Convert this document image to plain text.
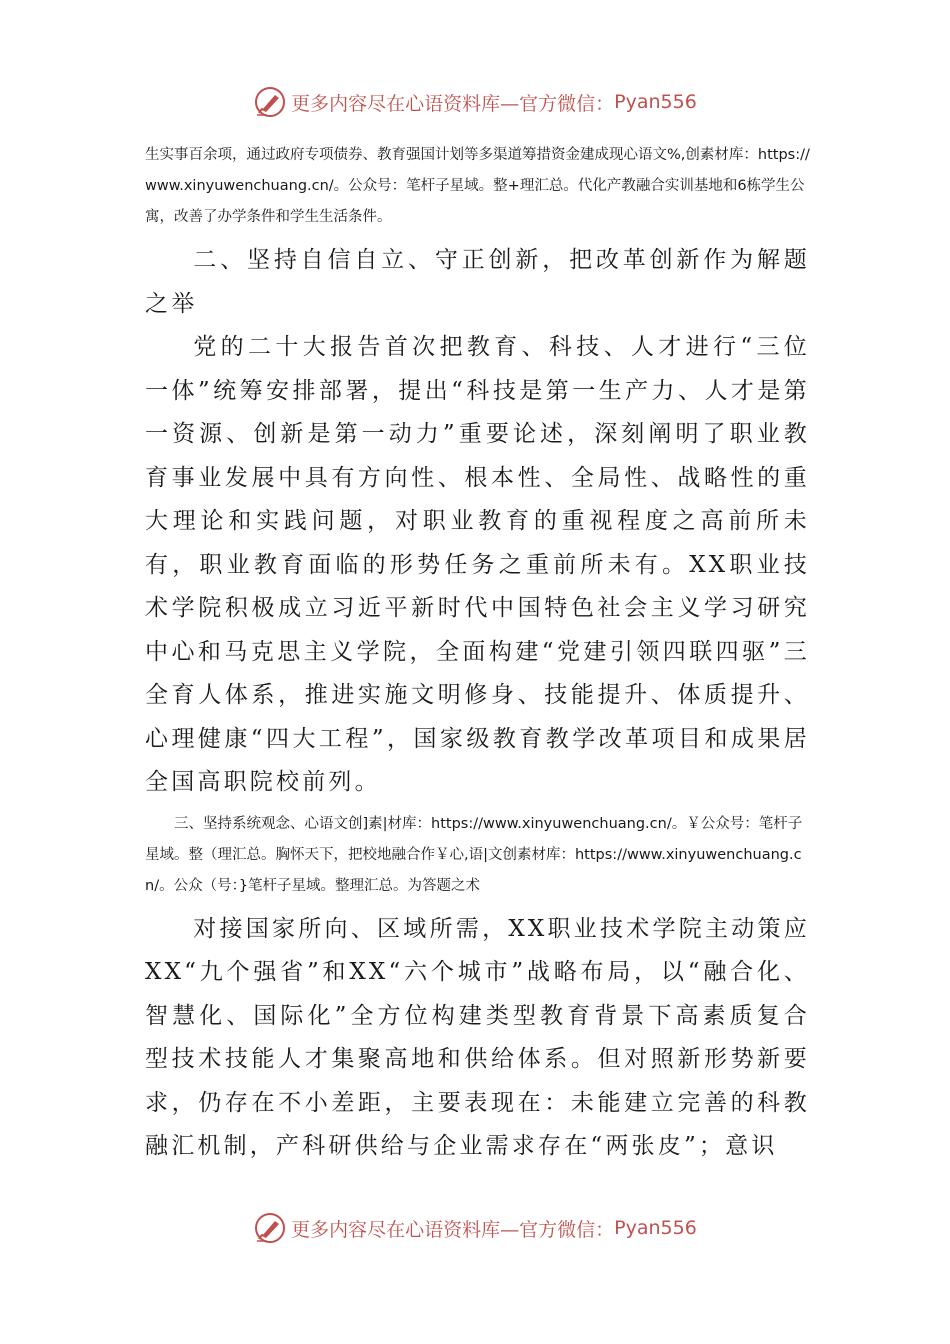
更多内容尽在心语资料库—官方微信： Pyan556

生实事百余项，通过政府专项债券、教育强国计划等多渠道筹措资金建成现心语文%,创素材库：https://www.xinyuwenchuang.cn/。公众号：笔杆子星域。整+理汇总。代化产教融合实训基地和6栋学生公寓，改善了办学条件和学生生活条件。

二、坚持自信自立、守正创新，把改革创新作为解题之举

党的二十大报告首次把教育、科技、人才进行“三位一体”统筹安排部署，提出“科技是第一生产力、人才是第一资源、创新是第一动力”重要论述，深刻阐明了职业教育事业发展中具有方向性、根本性、全局性、战略性的重大理论和实践问题，对职业教育的重视程度之高前所未有，职业教育面临的形势任务之重前所未有。XX职业技术学院积极成立习近平新时代中国特色社会主义学习研究中心和马克思主义学院，全面构建“党建引领四联四驱”三全育人体系，推进实施文明修身、技能提升、体质提升、心理健康“四大工程”，国家级教育教学改革项目和成果居全国高职院校前列。

三、坚持系统观念、心语文创]素|材库：https://www.xinyuwenchuang.cn/。￥公众号：笔杆子星域。整（理汇总。胸怀天下，把校地融合作￥心,语|文创素材库：https://www.xinyuwenchuang.cn/。公众（号：}笔杆子星域。整理汇总。为答题之术

对接国家所向、区域所需，XX职业技术学院主动策应XX“九个强省”和XX“六个城市”战略布局，以“融合化、智慧化、国际化”全方位构建类型教育背景下高素质复合型技术技能人才集聚高地和供给体系。但对照新形势新要求，仍存在不小差距，主要表现在：未能建立完善的科教融汇机制，产科研供给与企业需求存在“两张皮”；意识

更多内容尽在心语资料库—官方微信： Pyan556
